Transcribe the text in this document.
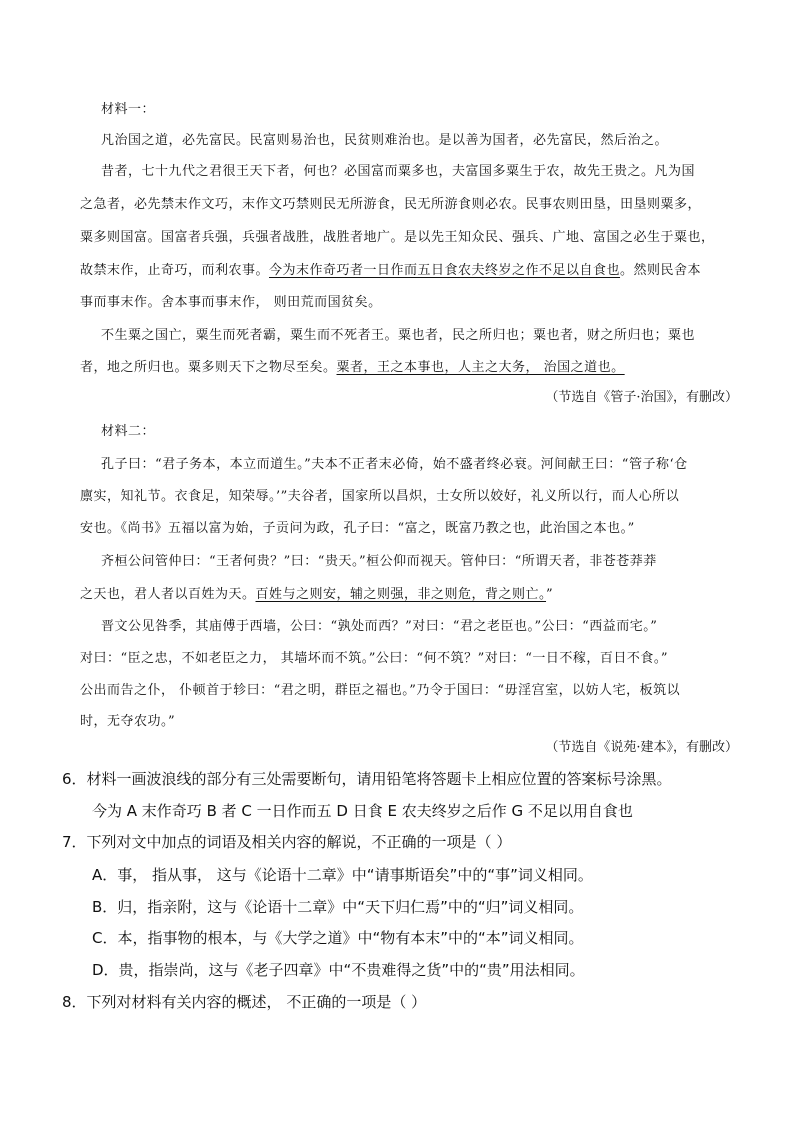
材料一：
凡治国之道，必先富民。民富则易治也，民贫则难治也。是以善为国者，必先富民，然后治之。
昔者，七十九代之君很王天下者，何也？必国富而粟多也，夫富国多粟生于农，故先王贵之。凡为国
之急者，必先禁末作文巧，末作文巧禁则民无所游食，民无所游食则必农。民事农则田垦，田垦则粟多，
粟多则国富。国富者兵强，兵强者战胜，战胜者地广。是以先王知众民、强兵、广地、富国之必生于粟也，
故禁末作，止奇巧，而利农事。今为末作奇巧者一日作而五日食农夫终岁之作不足以自食也。然则民舍本
事而事末作。舍本事而事末作， 则田荒而国贫矣。
不生粟之国亡，粟生而死者霸，粟生而不死者王。粟也者，民之所归也；粟也者，财之所归也；粟也
者，地之所归也。粟多则天下之物尽至矣。粟者，王之本事也，人主之大务， 治国之道也。
（节选自《管子·治国》，有删改）
材料二：
孔子曰：“君子务本，本立而道生。”夫本不正者末必倚，始不盛者终必衰。河间献王曰：“管子称‘仓
廪实，知礼节。衣食足，知荣辱。’”夫谷者，国家所以昌炽，士女所以姣好，礼义所以行，而人心所以
安也。《尚书》五福以富为始，子贡问为政，孔子曰：“富之，既富乃教之也，此治国之本也。”
齐桓公问管仲曰：“王者何贵？”曰：“贵天。”桓公仰而视天。管仲曰：“所谓天者，非苍苍莽莽
之天也，君人者以百姓为天。百姓与之则安，辅之则强，非之则危，背之则亡。”
晋文公见咎季，其庙傅于西墙，公曰：“孰处而西？”对曰：“君之老臣也。”公曰：“西益而宅。”
对曰：“臣之忠，不如老臣之力， 其墙坏而不筑。”公曰：“何不筑？”对曰：“一日不稼，百日不食。”
公出而告之仆， 仆顿首于轸曰：“君之明，群臣之福也。”乃令于国曰：“毋淫宫室，以妨人宅，板筑以
时，无夺农功。”
（节选自《说苑·建本》，有删改）
6．材料一画波浪线的部分有三处需要断句，请用铅笔将答题卡上相应位置的答案标号涂黑。
今为 A 末作奇巧 B 者 C 一日作而五 D 日食 E 农夫终岁之后作 G 不足以用自食也
7．下列对文中加点的词语及相关内容的解说，不正确的一项是（ ）
A．事， 指从事， 这与《论语十二章》中“请事斯语矣”中的“事”词义相同。
B．归，指亲附，这与《论语十二章》中“天下归仁焉”中的“归”词义相同。
C．本，指事物的根本，与《大学之道》中“物有本末”中的“本”词义相同。
D．贵，指崇尚，这与《老子四章》中“不贵难得之货”中的“贵”用法相同。
8．下列对材料有关内容的概述， 不正确的一项是（ ）
